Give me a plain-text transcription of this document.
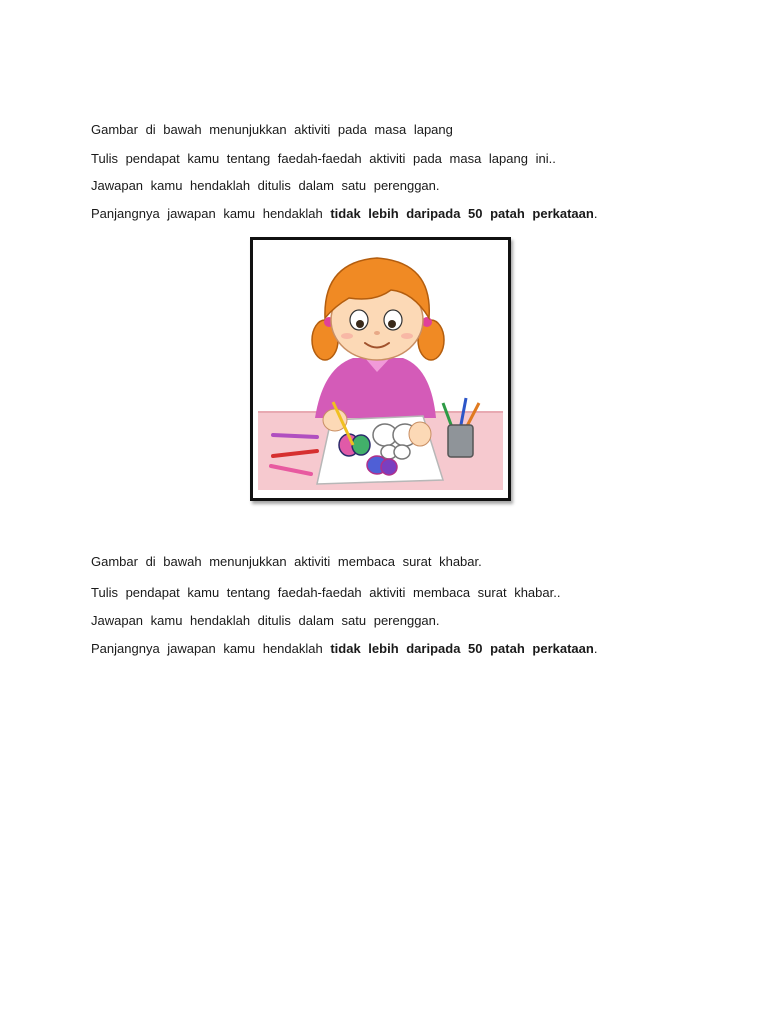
Gambar di bawah menunjukkan aktiviti pada masa lapang
Tulis pendapat kamu tentang faedah-faedah aktiviti pada masa lapang ini..
Jawapan kamu hendaklah ditulis dalam satu perenggan.
Panjangnya jawapan kamu hendaklah tidak lebih daripada 50 patah perkataan.
Gambar di bawah menunjukkan aktiviti membaca surat khabar.
Tulis pendapat kamu tentang faedah-faedah aktiviti membaca surat khabar..
Jawapan kamu hendaklah ditulis dalam satu perenggan.
Panjangnya jawapan kamu hendaklah tidak lebih daripada 50 patah perkataan.
